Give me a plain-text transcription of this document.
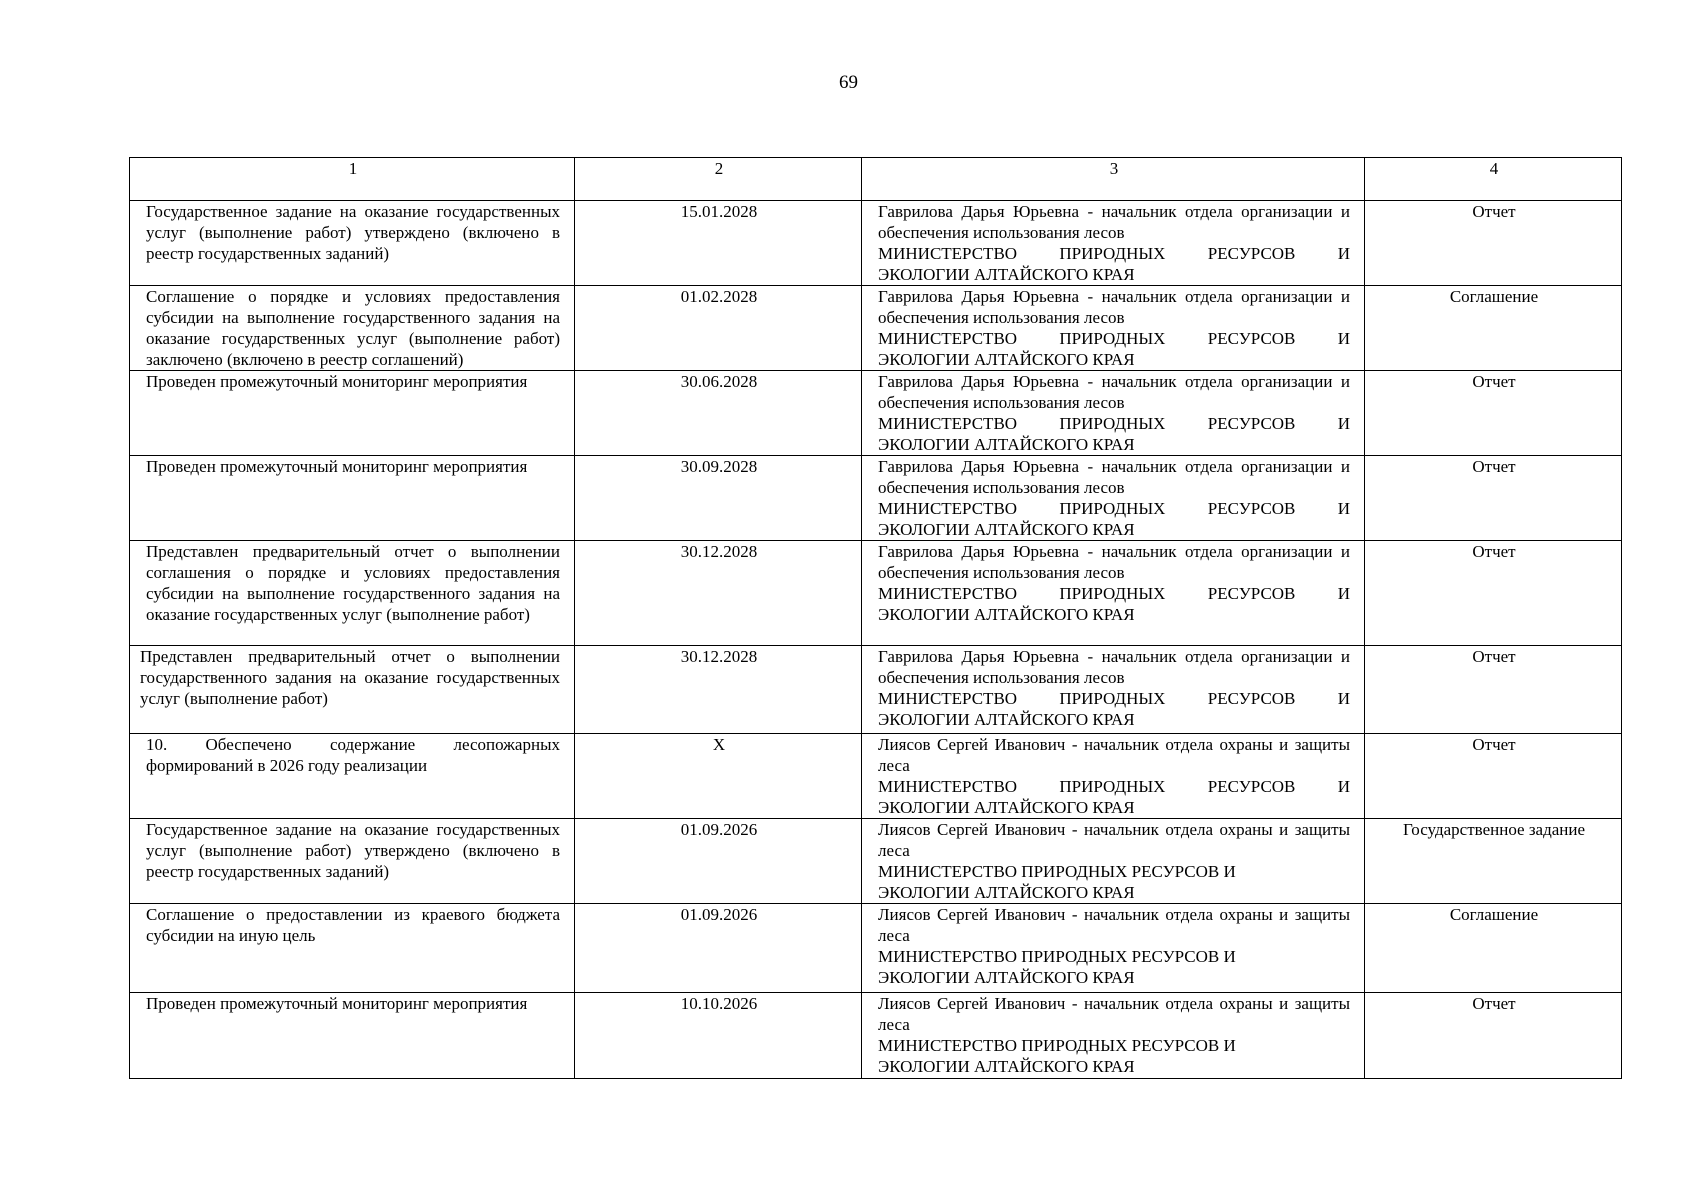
69
1	2	3	4
Государственное задание на оказание государственных услуг (выполнение работ) утверждено (включено в реестр государственных заданий)	15.01.2028	Гаврилова Дарья Юрьевна - начальник отдела организации и обеспечения использования лесов
МИНИСТЕРСТВО ПРИРОДНЫХ РЕСУРСОВ И
ЭКОЛОГИИ АЛТАЙСКОГО КРАЯ	Отчет
Соглашение о порядке и условиях предоставления субсидии на выполнение государственного задания на оказание государственных услуг (выполнение работ) заключено (включено в реестр соглашений)	01.02.2028	Гаврилова Дарья Юрьевна - начальник отдела организации и обеспечения использования лесов
МИНИСТЕРСТВО ПРИРОДНЫХ РЕСУРСОВ И
ЭКОЛОГИИ АЛТАЙСКОГО КРАЯ	Соглашение
Проведен промежуточный мониторинг мероприятия	30.06.2028	Гаврилова Дарья Юрьевна - начальник отдела организации и обеспечения использования лесов
МИНИСТЕРСТВО ПРИРОДНЫХ РЕСУРСОВ И
ЭКОЛОГИИ АЛТАЙСКОГО КРАЯ	Отчет
Проведен промежуточный мониторинг мероприятия	30.09.2028	Гаврилова Дарья Юрьевна - начальник отдела организации и обеспечения использования лесов
МИНИСТЕРСТВО ПРИРОДНЫХ РЕСУРСОВ И
ЭКОЛОГИИ АЛТАЙСКОГО КРАЯ	Отчет
Представлен предварительный отчет о выполнении соглашения о порядке и условиях предоставления субсидии на выполнение государственного задания на оказание государственных услуг (выполнение работ)	30.12.2028	Гаврилова Дарья Юрьевна - начальник отдела организации и обеспечения использования лесов
МИНИСТЕРСТВО ПРИРОДНЫХ РЕСУРСОВ И
ЭКОЛОГИИ АЛТАЙСКОГО КРАЯ	Отчет
Представлен предварительный отчет о выполнении государственного задания на оказание государственных услуг (выполнение работ)	30.12.2028	Гаврилова Дарья Юрьевна - начальник отдела организации и обеспечения использования лесов
МИНИСТЕРСТВО ПРИРОДНЫХ РЕСУРСОВ И
ЭКОЛОГИИ АЛТАЙСКОГО КРАЯ	Отчет
10. Обеспечено содержание лесопожарных формирований в 2026 году реализации	X	Лиясов Сергей Иванович - начальник отдела охраны и защиты леса
МИНИСТЕРСТВО ПРИРОДНЫХ РЕСУРСОВ И
ЭКОЛОГИИ АЛТАЙСКОГО КРАЯ	Отчет
Государственное задание на оказание государственных услуг (выполнение работ) утверждено (включено в реестр государственных заданий)	01.09.2026	Лиясов Сергей Иванович - начальник отдела охраны и защиты леса
МИНИСТЕРСТВО ПРИРОДНЫХ РЕСУРСОВ И
ЭКОЛОГИИ АЛТАЙСКОГО КРАЯ	Государственное задание
Соглашение о предоставлении из краевого бюджета субсидии на иную цель	01.09.2026	Лиясов Сергей Иванович - начальник отдела охраны и защиты леса
МИНИСТЕРСТВО ПРИРОДНЫХ РЕСУРСОВ И
ЭКОЛОГИИ АЛТАЙСКОГО КРАЯ	Соглашение
Проведен промежуточный мониторинг мероприятия	10.10.2026	Лиясов Сергей Иванович - начальник отдела охраны и защиты леса
МИНИСТЕРСТВО ПРИРОДНЫХ РЕСУРСОВ И
ЭКОЛОГИИ АЛТАЙСКОГО КРАЯ	Отчет
